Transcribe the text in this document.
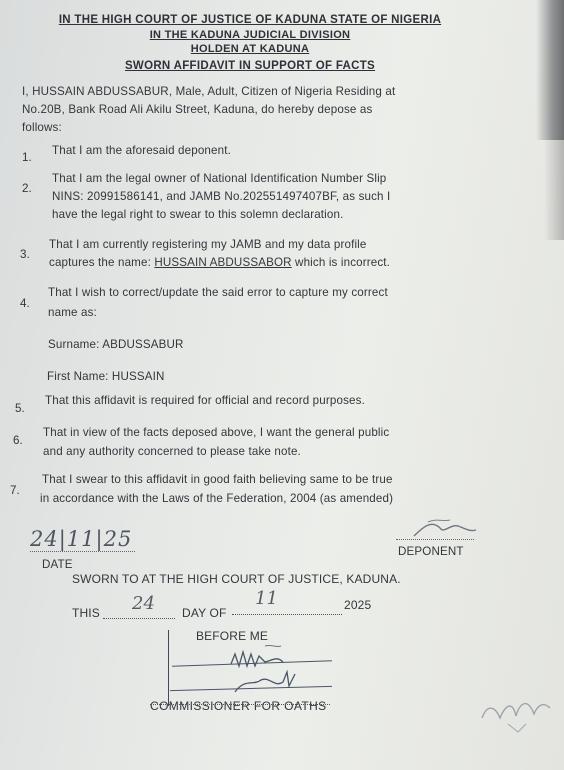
IN THE HIGH COURT OF JUSTICE OF KADUNA STATE OF NIGERIA
IN THE KADUNA JUDICIAL DIVISION
HOLDEN AT KADUNA
SWORN AFFIDAVIT IN SUPPORT OF FACTS
I, HUSSAIN ABDUSSABUR, Male, Adult, Citizen of Nigeria Residing at
No.20B, Bank Road Ali Akilu Street, Kaduna, do hereby depose as
follows:
1.
That I am the aforesaid deponent.
2.
That I am the legal owner of National Identification Number Slip
NINS: 20991586141, and JAMB No.202551497407BF, as such I
have the legal right to swear to this solemn declaration.
3.
That I am currently registering my JAMB and my data profile
captures the name: HUSSAIN ABDUSSABOR which is incorrect.
4.
That I wish to correct/update the said error to capture my correct
name as:
Surname: ABDUSSABUR
First Name: HUSSAIN
5.
That this affidavit is required for official and record purposes.
6.
That in view of the facts deposed above, I want the general public
and any authority concerned to please take note.
7.
That I swear to this affidavit in good faith believing same to be true
in accordance with the Laws of the Federation, 2004 (as amended)
24|11|25
DATE
DEPONENT
SWORN TO AT THE HIGH COURT OF JUSTICE, KADUNA.
THIS 24 DAY OF
11	2025
BEFORE ME
COMMISSIONER FOR OATHS
